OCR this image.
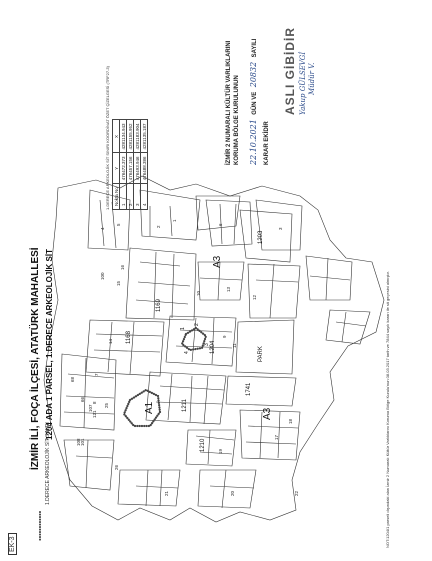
A3
A3
A1
1204
1169
1168
1211
1210
1203
1741
PARK
1
2
3
4
6
4	3
2
1
5
11
12
13
14
9
10
7
8
15
16
17
18
19
20
21	22
25
26
66
68
100
101
107
108
121
İZMİR İLİ, FOÇA İLÇESİ, ATATÜRK MAHALLESİ 1204 ADA 1 PARSEL, 1.DERECE ARKEOLOJİK SİT
1.DERECE ARKEOLOJİK SİT SINIRI KOORDİNAT ÖZET ÇİZELGESİ (TRF27-3) Nokta No	Y	X
1	476472.373	4281134.943
2	476457.156	4281155.952
3	476493.946	4281183.904
4	476488.386	4281135.187	İZMİR 2 NUMARALI KÜLTÜR VARLIKLARINI KORUMA BÖLGE KURULUNUN	22.10.2021 GÜN VE 20832 SAYILI
KARAR EKİDİR
ASLI GİBİDİR Yakup GÜLSEVGİ Müdür V.
1.DERECE ARKEOLOJİK SİT SINIRI	NOT:1204/1 parseli dışındaki alan İzmir 2 Numaralı Kültür Varlıklarını Koruma Bölge Kurulu'nun 08.03.2017 tarih ve 7844 sayılı kararı ile sit geçesini almıştır.
EK-3
